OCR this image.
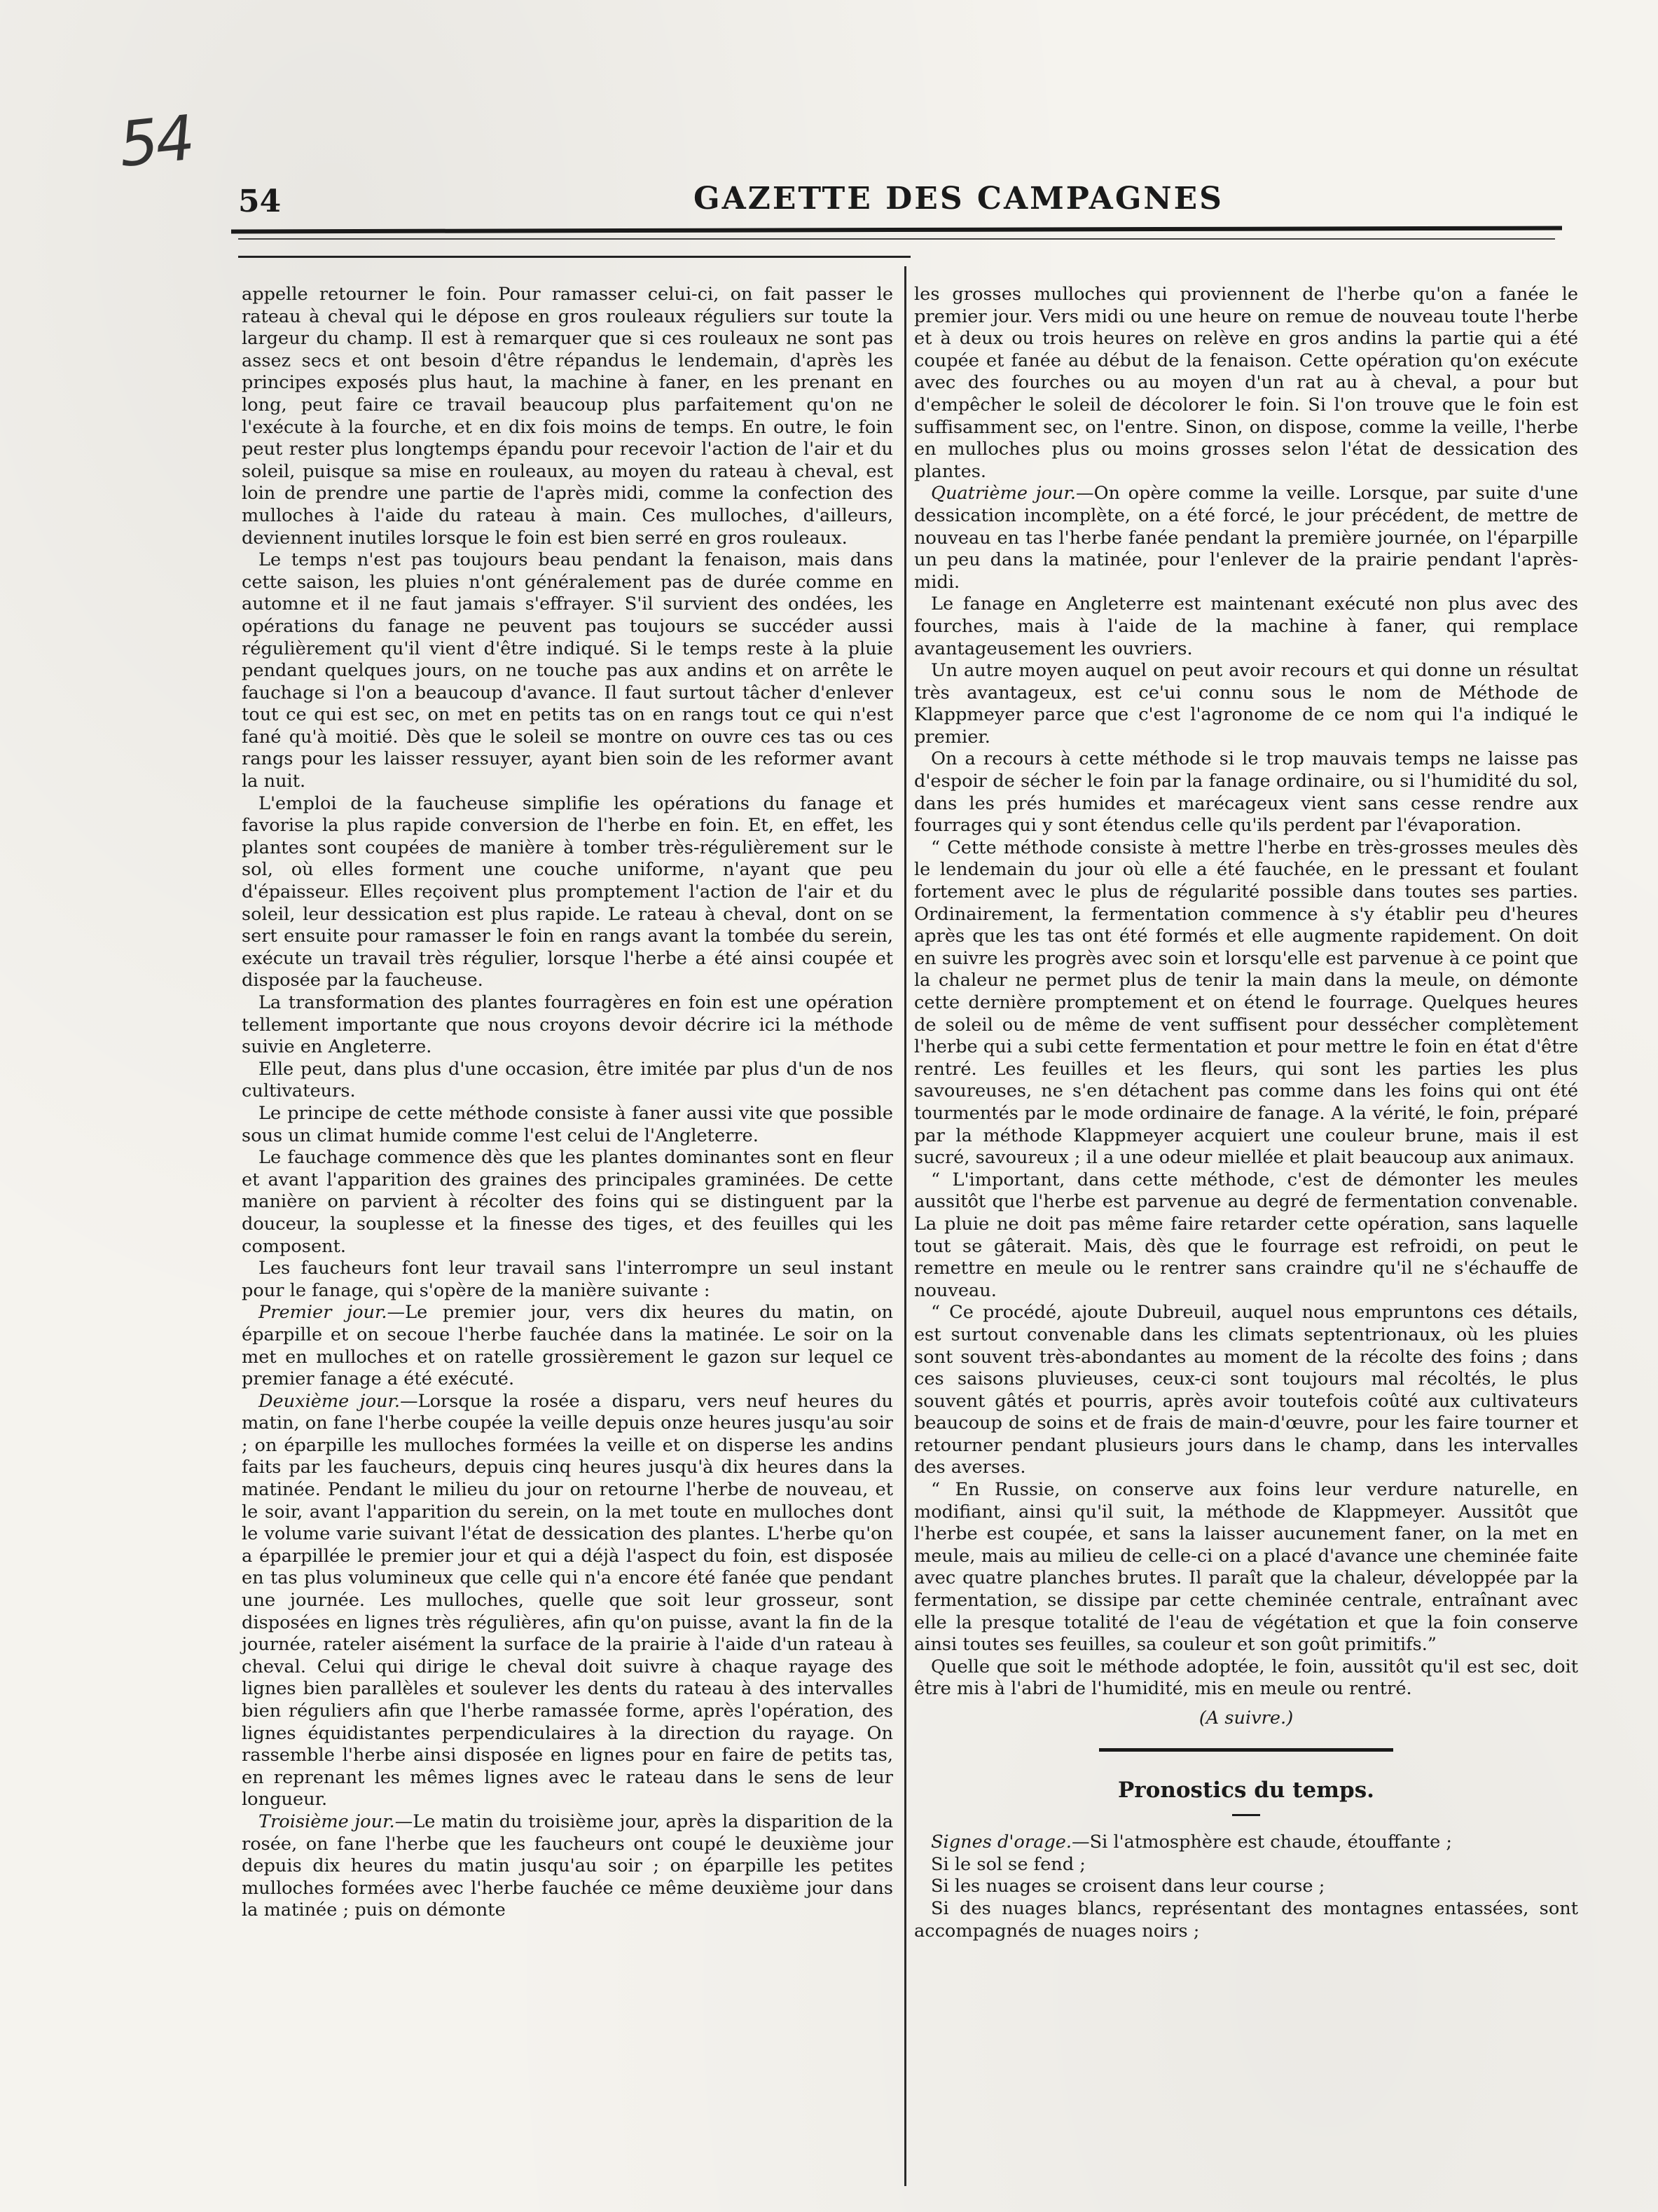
54
54	GAZETTE DES CAMPAGNES

appelle retourner le foin. Pour ramasser celui-ci, on fait passer le rateau à cheval qui le dépose en gros rouleaux réguliers sur toute la largeur du champ. Il est à remarquer que si ces rouleaux ne sont pas assez secs et ont besoin d'être répandus le lendemain, d'après les principes exposés plus haut, la machine à faner, en les prenant en long, peut faire ce travail beaucoup plus parfaitement qu'on ne l'exécute à la fourche, et en dix fois moins de temps. En outre, le foin peut rester plus longtemps épandu pour recevoir l'action de l'air et du soleil, puisque sa mise en rouleaux, au moyen du rateau à cheval, est loin de prendre une partie de l'après midi, comme la confection des mulloches à l'aide du rateau à main. Ces mulloches, d'ailleurs, deviennent inutiles lorsque le foin est bien serré en gros rouleaux.

Le temps n'est pas toujours beau pendant la fenaison, mais dans cette saison, les pluies n'ont généralement pas de durée comme en automne et il ne faut jamais s'effrayer. S'il survient des ondées, les opérations du fanage ne peuvent pas toujours se succéder aussi régulièrement qu'il vient d'être indiqué. Si le temps reste à la pluie pendant quelques jours, on ne touche pas aux andins et on arrête le fauchage si l'on a beaucoup d'avance. Il faut surtout tâcher d'enlever tout ce qui est sec, on met en petits tas on en rangs tout ce qui n'est fané qu'à moitié. Dès que le soleil se montre on ouvre ces tas ou ces rangs pour les laisser ressuyer, ayant bien soin de les reformer avant la nuit.

L'emploi de la faucheuse simplifie les opérations du fanage et favorise la plus rapide conversion de l'herbe en foin. Et, en effet, les plantes sont coupées de manière à tomber très-régulièrement sur le sol, où elles forment une couche uniforme, n'ayant que peu d'épaisseur. Elles reçoivent plus promptement l'action de l'air et du soleil, leur dessication est plus rapide. Le rateau à cheval, dont on se sert ensuite pour ramasser le foin en rangs avant la tombée du serein, exécute un travail très régulier, lorsque l'herbe a été ainsi coupée et disposée par la faucheuse.

La transformation des plantes fourragères en foin est une opération tellement importante que nous croyons devoir décrire ici la méthode suivie en Angleterre.

Elle peut, dans plus d'une occasion, être imitée par plus d'un de nos cultivateurs.

Le principe de cette méthode consiste à faner aussi vite que possible sous un climat humide comme l'est celui de l'Angleterre.

Le fauchage commence dès que les plantes dominantes sont en fleur et avant l'apparition des graines des principales graminées. De cette manière on parvient à récolter des foins qui se distinguent par la douceur, la souplesse et la finesse des tiges, et des feuilles qui les composent.

Les faucheurs font leur travail sans l'interrompre un seul instant pour le fanage, qui s'opère de la manière suivante :

Premier jour.—Le premier jour, vers dix heures du matin, on éparpille et on secoue l'herbe fauchée dans la matinée. Le soir on la met en mulloches et on ratelle grossièrement le gazon sur lequel ce premier fanage a été exécuté.

Deuxième jour.—Lorsque la rosée a disparu, vers neuf heures du matin, on fane l'herbe coupée la veille depuis onze heures jusqu'au soir ; on éparpille les mulloches formées la veille et on disperse les andins faits par les faucheurs, depuis cinq heures jusqu'à dix heures dans la matinée. Pendant le milieu du jour on retourne l'herbe de nouveau, et le soir, avant l'apparition du serein, on la met toute en mulloches dont le volume varie suivant l'état de dessication des plantes. L'herbe qu'on a éparpillée le premier jour et qui a déjà l'aspect du foin, est disposée en tas plus volumineux que celle qui n'a encore été fanée que pendant une journée. Les mulloches, quelle que soit leur grosseur, sont disposées en lignes très régulières, afin qu'on puisse, avant la fin de la journée, rateler aisément la surface de la prairie à l'aide d'un rateau à cheval. Celui qui dirige le cheval doit suivre à chaque rayage des lignes bien parallèles et soulever les dents du rateau à des intervalles bien réguliers afin que l'herbe ramassée forme, après l'opération, des lignes équidistantes perpendiculaires à la direction du rayage. On rassemble l'herbe ainsi disposée en lignes pour en faire de petits tas, en reprenant les mêmes lignes avec le rateau dans le sens de leur longueur.

Troisième jour.—Le matin du troisième jour, après la disparition de la rosée, on fane l'herbe que les faucheurs ont coupé le deuxième jour depuis dix heures du matin jusqu'au soir ; on éparpille les petites mulloches formées avec l'herbe fauchée ce même deuxième jour dans la matinée ; puis on démonte

les grosses mulloches qui proviennent de l'herbe qu'on a fanée le premier jour. Vers midi ou une heure on remue de nouveau toute l'herbe et à deux ou trois heures on relève en gros andins la partie qui a été coupée et fanée au début de la fenaison. Cette opération qu'on exécute avec des fourches ou au moyen d'un rat au à cheval, a pour but d'empêcher le soleil de décolorer le foin. Si l'on trouve que le foin est suffisamment sec, on l'entre. Sinon, on dispose, comme la veille, l'herbe en mulloches plus ou moins grosses selon l'état de dessication des plantes.

Quatrième jour.—On opère comme la veille. Lorsque, par suite d'une dessication incomplète, on a été forcé, le jour précédent, de mettre de nouveau en tas l'herbe fanée pendant la première journée, on l'éparpille un peu dans la matinée, pour l'enlever de la prairie pendant l'après-midi.

Le fanage en Angleterre est maintenant exécuté non plus avec des fourches, mais à l'aide de la machine à faner, qui remplace avantageusement les ouvriers.

Un autre moyen auquel on peut avoir recours et qui donne un résultat très avantageux, est ce'ui connu sous le nom de Méthode de Klappmeyer parce que c'est l'agronome de ce nom qui l'a indiqué le premier.

On a recours à cette méthode si le trop mauvais temps ne laisse pas d'espoir de sécher le foin par la fanage ordinaire, ou si l'humidité du sol, dans les prés humides et marécageux vient sans cesse rendre aux fourrages qui y sont étendus celle qu'ils perdent par l'évaporation.

“ Cette méthode consiste à mettre l'herbe en très-grosses meules dès le lendemain du jour où elle a été fauchée, en le pressant et foulant fortement avec le plus de régularité possible dans toutes ses parties. Ordinairement, la fermentation commence à s'y établir peu d'heures après que les tas ont été formés et elle augmente rapidement. On doit en suivre les progrès avec soin et lorsqu'elle est parvenue à ce point que la chaleur ne permet plus de tenir la main dans la meule, on démonte cette dernière promptement et on étend le fourrage. Quelques heures de soleil ou de même de vent suffisent pour dessécher complètement l'herbe qui a subi cette fermentation et pour mettre le foin en état d'être rentré. Les feuilles et les fleurs, qui sont les parties les plus savoureuses, ne s'en détachent pas comme dans les foins qui ont été tourmentés par le mode ordinaire de fanage. A la vérité, le foin, préparé par la méthode Klappmeyer acquiert une couleur brune, mais il est sucré, savoureux ; il a une odeur miellée et plait beaucoup aux animaux.

“ L'important, dans cette méthode, c'est de démonter les meules aussitôt que l'herbe est parvenue au degré de fermentation convenable. La pluie ne doit pas même faire retarder cette opération, sans laquelle tout se gâterait. Mais, dès que le fourrage est refroidi, on peut le remettre en meule ou le rentrer sans craindre qu'il ne s'échauffe de nouveau.

“ Ce procédé, ajoute Dubreuil, auquel nous empruntons ces détails, est surtout convenable dans les climats septentrionaux, où les pluies sont souvent très-abondantes au moment de la récolte des foins ; dans ces saisons pluvieuses, ceux-ci sont toujours mal récoltés, le plus souvent gâtés et pourris, après avoir toutefois coûté aux cultivateurs beaucoup de soins et de frais de main-d'œuvre, pour les faire tourner et retourner pendant plusieurs jours dans le champ, dans les intervalles des averses.

“ En Russie, on conserve aux foins leur verdure naturelle, en modifiant, ainsi qu'il suit, la méthode de Klappmeyer. Aussitôt que l'herbe est coupée, et sans la laisser aucunement faner, on la met en meule, mais au milieu de celle-ci on a placé d'avance une cheminée faite avec quatre planches brutes. Il paraît que la chaleur, développée par la fermentation, se dissipe par cette cheminée centrale, entraînant avec elle la presque totalité de l'eau de végétation et que la foin conserve ainsi toutes ses feuilles, sa couleur et son goût primitifs.”

Quelle que soit le méthode adoptée, le foin, aussitôt qu'il est sec, doit être mis à l'abri de l'humidité, mis en meule ou rentré.

(A suivre.)

Pronostics du temps.

Signes d'orage.—Si l'atmosphère est chaude, étouffante ;

Si le sol se fend ;

Si les nuages se croisent dans leur course ;

Si des nuages blancs, représentant des montagnes entassées, sont accompagnés de nuages noirs ;
